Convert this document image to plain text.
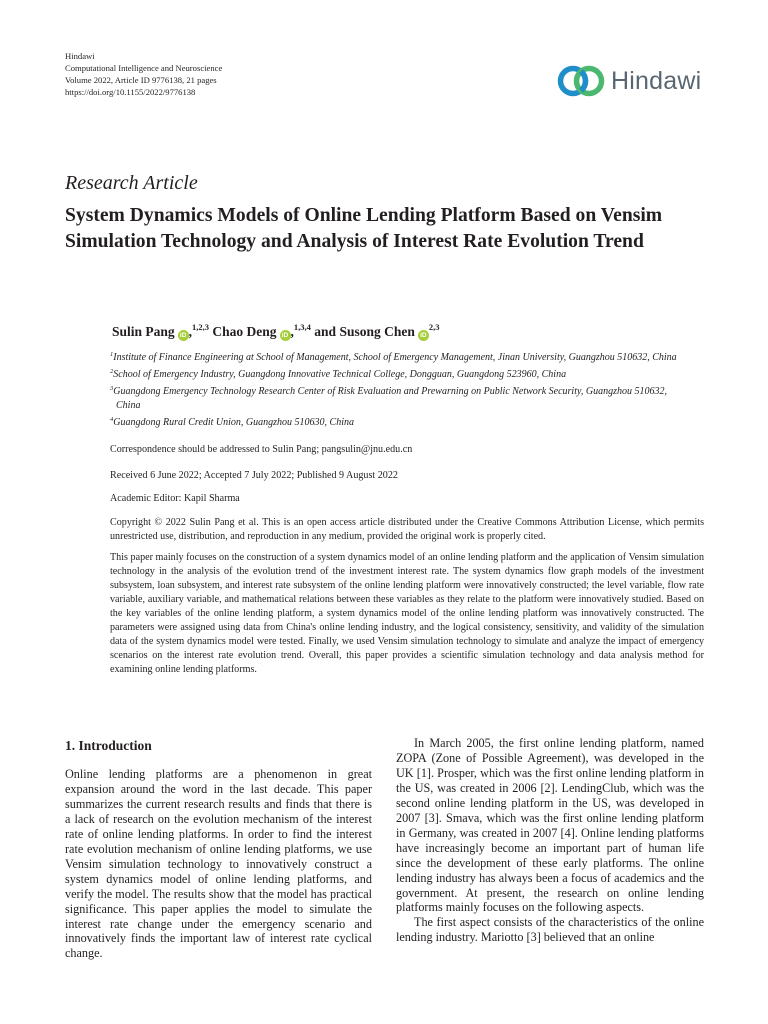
Hindawi
Computational Intelligence and Neuroscience
Volume 2022, Article ID 9776138, 21 pages
https://doi.org/10.1155/2022/9776138	Hindawi
Research Article
System Dynamics Models of Online Lending Platform Based on Vensim Simulation Technology and Analysis of Interest Rate Evolution Trend
Sulin Pang iD ,$^{1,2,3}$ Chao Deng iD ,$^{1,3,4}$ and Susong Chen iD$^{2,3}$

$^1$Institute of Finance Engineering at School of Management, School of Emergency Management, Jinan University, Guangzhou 510632, China

$^2$School of Emergency Industry, Guangdong Innovative Technical College, Dongguan, Guangdong 523960, China

$^3$Guangdong Emergency Technology Research Center of Risk Evaluation and Prewarning on Public Network Security, Guangzhou 510632, China

$^4$Guangdong Rural Credit Union, Guangzhou 510630, China

Correspondence should be addressed to Sulin Pang; pangsulin@jnu.edu.cn
Received 6 June 2022; Accepted 7 July 2022; Published 9 August 2022
Academic Editor: Kapil Sharma
Copyright © 2022 Sulin Pang et al. This is an open access article distributed under the Creative Commons Attribution License, which permits unrestricted use, distribution, and reproduction in any medium, provided the original work is properly cited.
This paper mainly focuses on the construction of a system dynamics model of an online lending platform and the application of Vensim simulation technology in the analysis of the evolution trend of the investment interest rate. The system dynamics flow graph models of the investment subsystem, loan subsystem, and interest rate subsystem of the online lending platform were innovatively constructed; the level variable, flow rate variable, auxiliary variable, and mathematical relations between these variables as they relate to the platform were innovatively studied. Based on the key variables of the online lending platform, a system dynamics model of the online lending platform was innovatively constructed. The parameters were assigned using data from China's online lending industry, and the logical consistency, sensitivity, and validity of the simulation data of the system dynamics model were tested. Finally, we used Vensim simulation technology to simulate and analyze the impact of emergency scenarios on the interest rate evolution trend. Overall, this paper provides a scientific simulation technology and data analysis method for examining online lending platforms.
1. Introduction

Online lending platforms are a phenomenon in great expansion around the word in the last decade. This paper summarizes the current research results and finds that there is a lack of research on the evolution mechanism of the interest rate of online lending platforms. In order to find the interest rate evolution mechanism of online lending platforms, we use Vensim simulation technology to innovatively construct a system dynamics model of online lending platforms, and verify the model. The results show that the model has practical significance. This paper applies the model to simulate the interest rate change under the emergency scenario and innovatively finds the important law of interest rate cyclical change.

In March 2005, the first online lending platform, named ZOPA (Zone of Possible Agreement), was developed in the UK [1]. Prosper, which was the first online lending platform in the US, was created in 2006 [2]. LendingClub, which was the second online lending platform in the US, was developed in 2007 [3]. Smava, which was the first online lending platform in Germany, was created in 2007 [4]. Online lending platforms have increasingly become an important part of human life since the development of these early platforms. The online lending industry has always been a focus of academics and the government. At present, the research on online lending platforms mainly focuses on the following aspects.

The first aspect consists of the characteristics of the online lending industry. Mariotto [3] believed that an online
